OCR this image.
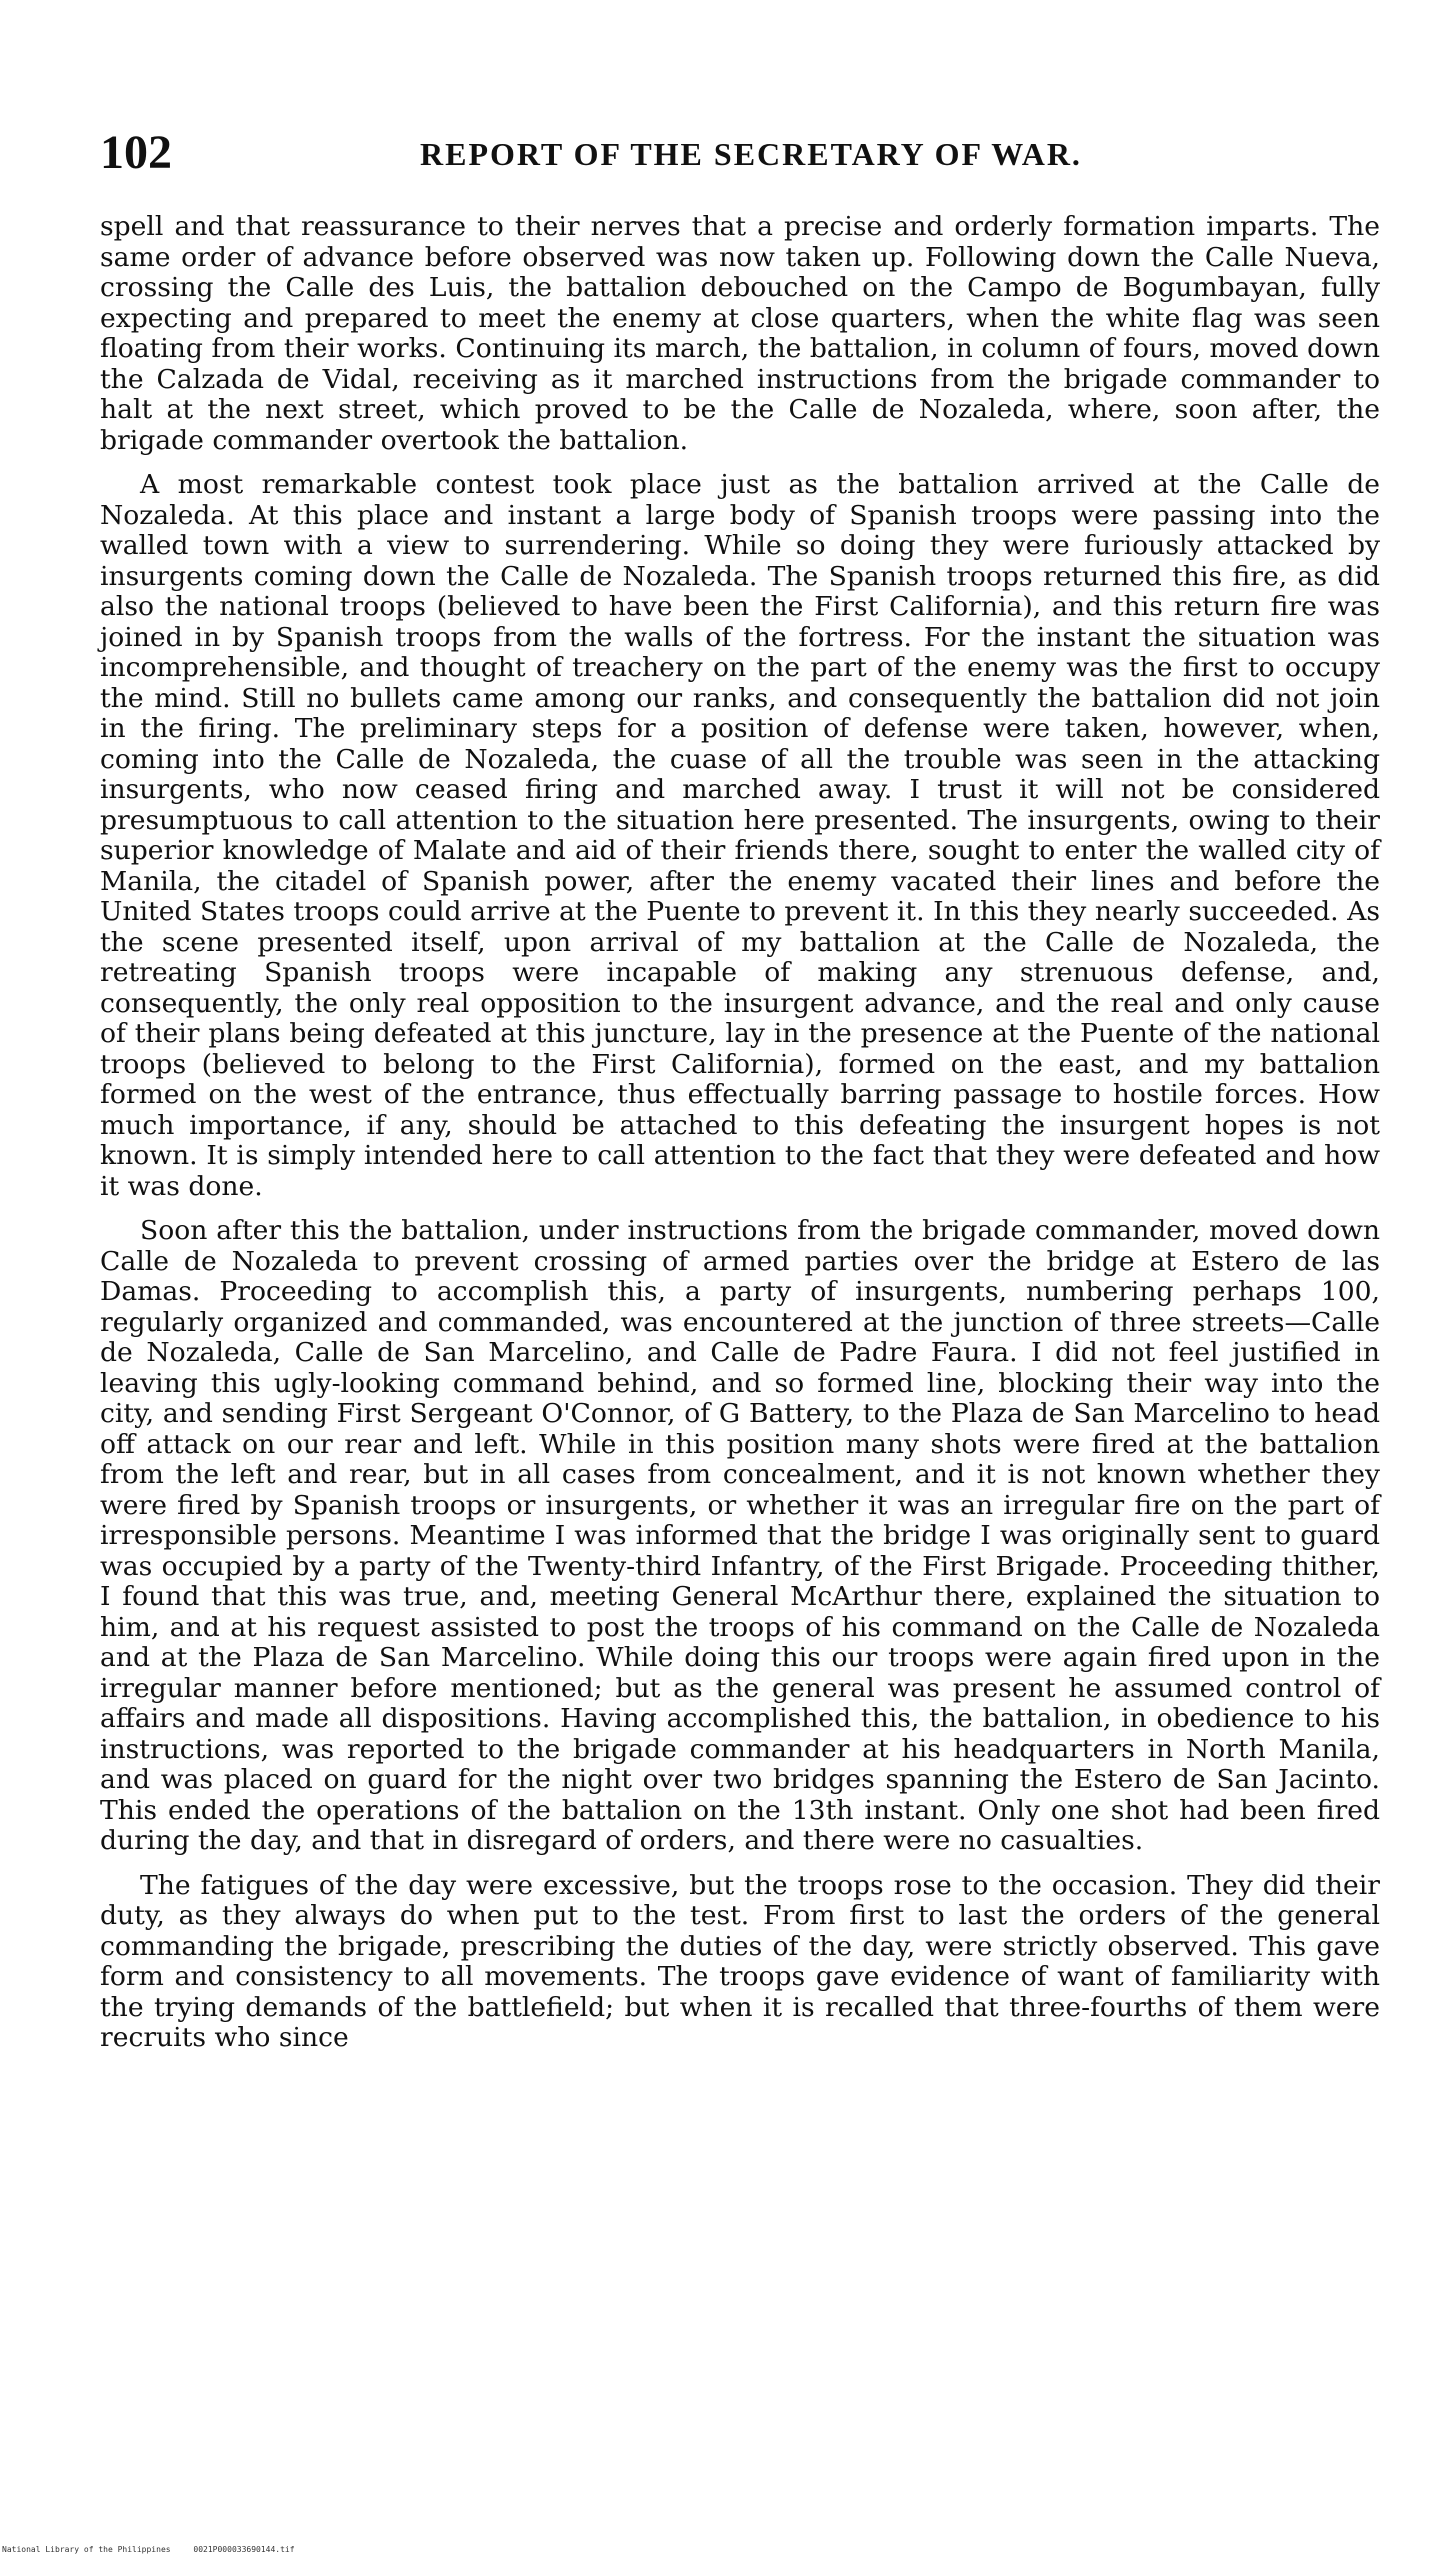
102	REPORT OF THE SECRETARY OF WAR.

spell and that reassurance to their nerves that a precise and orderly formation imparts. The same order of advance before observed was now taken up. Following down the Calle Nueva, crossing the Calle des Luis, the battalion debouched on the Campo de Bogumbayan, fully expecting and prepared to meet the enemy at close quarters, when the white flag was seen floating from their works. Continuing its march, the battalion, in column of fours, moved down the Calzada de Vidal, receiving as it marched instructions from the brigade commander to halt at the next street, which proved to be the Calle de Nozaleda, where, soon after, the brigade commander overtook the battalion.

A most remarkable contest took place just as the battalion arrived at the Calle de Nozaleda. At this place and instant a large body of Spanish troops were passing into the walled town with a view to surrendering. While so doing they were furiously attacked by insurgents coming down the Calle de Nozaleda. The Spanish troops returned this fire, as did also the national troops (believed to have been the First California), and this return fire was joined in by Spanish troops from the walls of the fortress. For the instant the situation was incomprehensible, and thought of treachery on the part of the enemy was the first to occupy the mind. Still no bullets came among our ranks, and consequently the battalion did not join in the firing. The preliminary steps for a position of defense were taken, however, when, coming into the Calle de Nozaleda, the cuase of all the trouble was seen in the attacking insurgents, who now ceased firing and marched away. I trust it will not be considered presumptuous to call attention to the situation here presented. The insurgents, owing to their superior knowledge of Malate and aid of their friends there, sought to enter the walled city of Manila, the citadel of Spanish power, after the enemy vacated their lines and before the United States troops could arrive at the Puente to prevent it. In this they nearly succeeded. As the scene presented itself, upon arrival of my battalion at the Calle de Nozaleda, the retreating Spanish troops were incapable of making any strenuous defense, and, consequently, the only real opposition to the insurgent advance, and the real and only cause of their plans being defeated at this juncture, lay in the presence at the Puente of the national troops (believed to belong to the First California), formed on the east, and my battalion formed on the west of the entrance, thus effectually barring passage to hostile forces. How much importance, if any, should be attached to this defeating the insurgent hopes is not known. It is simply intended here to call attention to the fact that they were defeated and how it was done.

Soon after this the battalion, under instructions from the brigade commander, moved down Calle de Nozaleda to prevent crossing of armed parties over the bridge at Estero de las Damas. Proceeding to accomplish this, a party of insurgents, numbering perhaps 100, regularly organized and commanded, was encountered at the junction of three streets—Calle de Nozaleda, Calle de San Marcelino, and Calle de Padre Faura. I did not feel justified in leaving this ugly-looking command behind, and so formed line, blocking their way into the city, and sending First Sergeant O'Connor, of G Battery, to the Plaza de San Marcelino to head off attack on our rear and left. While in this position many shots were fired at the battalion from the left and rear, but in all cases from concealment, and it is not known whether they were fired by Spanish troops or insurgents, or whether it was an irregular fire on the part of irresponsible persons. Meantime I was informed that the bridge I was originally sent to guard was occupied by a party of the Twenty-third Infantry, of the First Brigade. Proceeding thither, I found that this was true, and, meeting General McArthur there, explained the situation to him, and at his request assisted to post the troops of his command on the Calle de Nozaleda and at the Plaza de San Marcelino. While doing this our troops were again fired upon in the irregular manner before mentioned; but as the general was present he assumed control of affairs and made all dispositions. Having accomplished this, the battalion, in obedience to his instructions, was reported to the brigade commander at his headquarters in North Manila, and was placed on guard for the night over two bridges spanning the Estero de San Jacinto. This ended the operations of the battalion on the 13th instant. Only one shot had been fired during the day, and that in disregard of orders, and there were no casualties.

The fatigues of the day were excessive, but the troops rose to the occasion. They did their duty, as they always do when put to the test. From first to last the orders of the general commanding the brigade, prescribing the duties of the day, were strictly observed. This gave form and consistency to all movements. The troops gave evidence of want of familiarity with the trying demands of the battlefield; but when it is recalled that three-fourths of them were recruits who since

National Library of the Philippines	0021P000033690144.tif
